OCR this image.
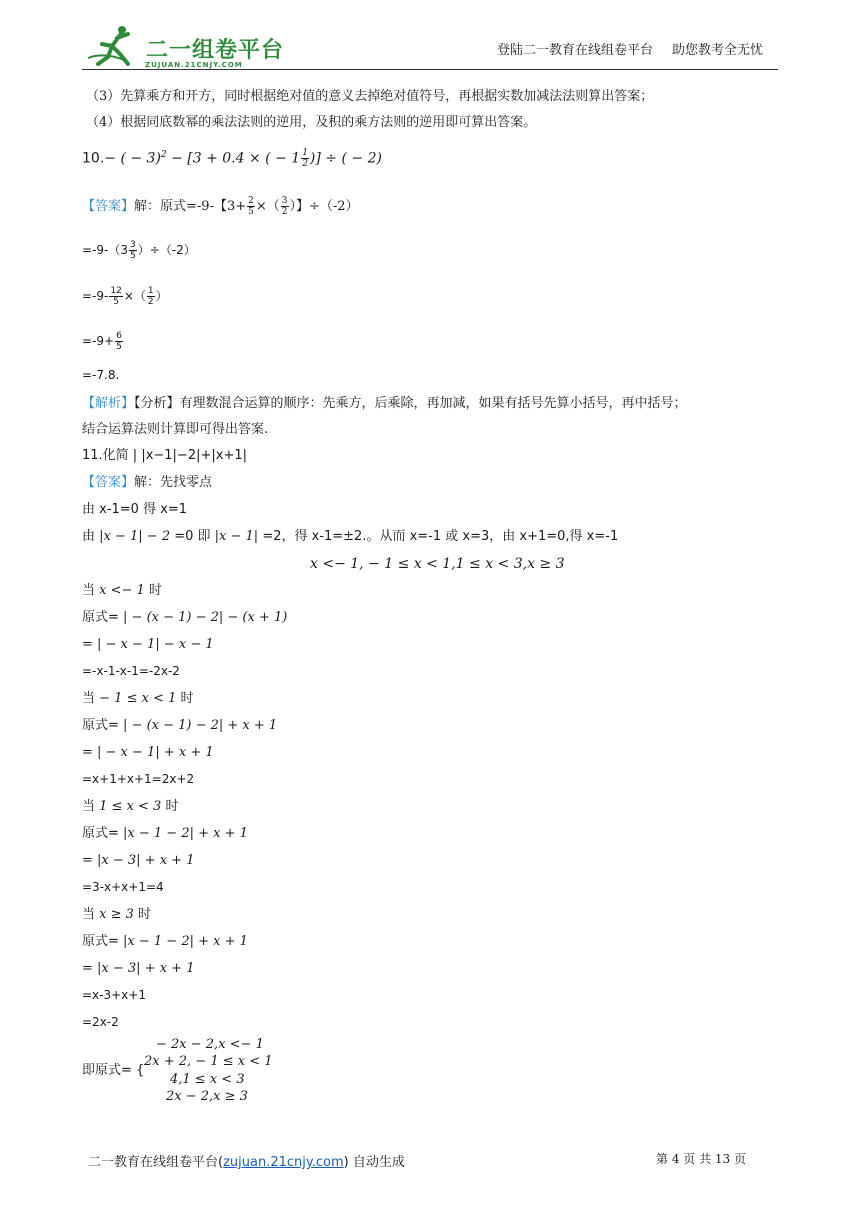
二一组卷平台
ZUJUAN.21CNJY.COM
登陆二一教育在线组卷平台 助您教考全无忧
（3）先算乘方和开方，同时根据绝对值的意义去掉绝对值符号，再根据实数加减法法则算出答案；
（4）根据同底数幂的乘法法则的逆用，及积的乘方法则的逆用即可算出答案。
10.− ( − 3)$^2$ − [3 + 0.4 × ( − $1 \frac{1}{2}$ )] ÷ ( − 2)
【答案】解：原式=-9-【$3+ \frac{2}{5}$ ×（ $\frac{3}{2}$ ）】÷（-2）
$=-9-(3 \frac{3}{5} )\div(-2)$
$=-9- \frac{12}{5}$ ×（ $\frac{1}{2}$ ）
$=-9+ \frac{6}{5}$
=-7.8.
【解析】【分析】有理数混合运算的顺序：先乘方，后乘除，再加减，如果有括号先算小括号，再中括号；
结合运算法则计算即可得出答案.
11.化简 | |x−1|−2|+|x+1|
【答案】解：先找零点
由 x-1=0 得 x=1
由 |x − 1| − 2 =0 即 |x − 1| =2，得 x-1=±2.。从而 x=-1 或 x=3，由 x+1=0,得 x=-1
x <− 1, − 1 ≤ x < 1,1 ≤ x < 3,x ≥ 3
当 x <− 1 时
原式= | − (x − 1) − 2| − (x + 1)
= | − x − 1| − x − 1
=-x-1-x-1=-2x-2
当 − 1 ≤ x < 1 时
原式= | − (x − 1) − 2| + x + 1
= | − x − 1| + x + 1
=x+1+x+1=2x+2
当 1 ≤ x < 3 时
原式= |x − 1 − 2| + x + 1
= |x − 3| + x + 1
=3-x+x+1=4
当 x ≥ 3 时
原式= |x − 1 − 2| + x + 1
= |x − 3| + x + 1
=x-3+x+1
=2x-2
即原式= {
− 2x − 2,x <− 1
2x + 2, − 1 ≤ x < 1
4,1 ≤ x < 3
2x − 2,x ≥ 3
二一教育在线组卷平台(zujuan.21cnjy.com) 自动生成	第 4 页 共 13 页
